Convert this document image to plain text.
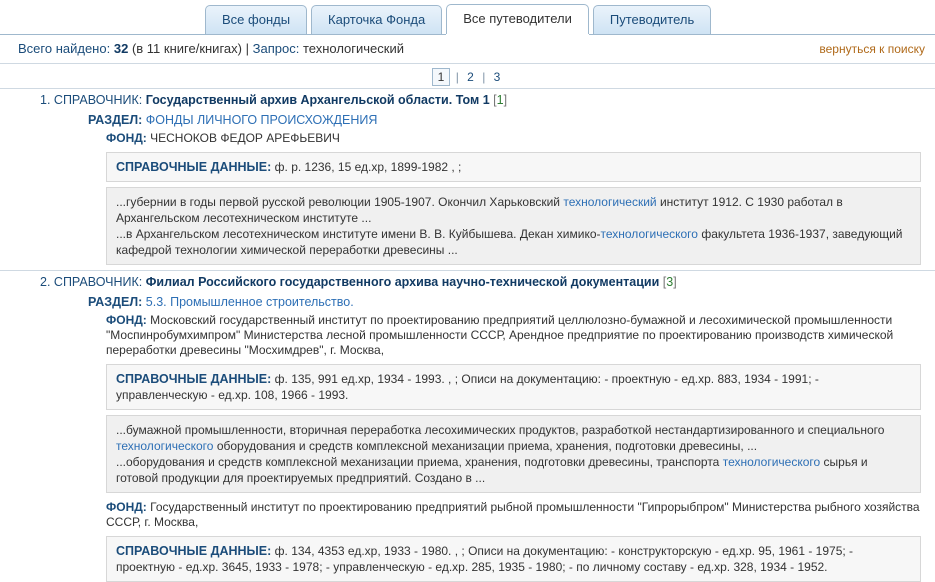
Все фонды	Карточка Фонда	Все путеводители	Путеводитель
Всего найдено: 32 (в 11 книге/книгах) | Запрос: технологический	вернуться к поиску
1 | 2 | 3
1. СПРАВОЧНИК: Государственный архив Архангельской области. Том 1 [1]
РАЗДЕЛ: ФОНДЫ ЛИЧНОГО ПРОИСХОЖДЕНИЯ
ФОНД: ЧЕСНОКОВ ФЕДОР АРЕФЬЕВИЧ
СПРАВОЧНЫЕ ДАННЫЕ: ф. р. 1236, 15 ед.хр, 1899-1982 , ;

...губернии в годы первой русской революции 1905-1907. Окончил Харьковский технологический институт 1912. С 1930 работал в Архангельском лесотехническом институте ...

...в Архангельском лесотехническом институте имени В. В. Куйбышева. Декан химико-технологического факультета 1936-1937, заведующий кафедрой технологии химической переработки древесины ...

2. СПРАВОЧНИК: Филиал Российского государственного архива научно-технической документации [3]
РАЗДЕЛ: 5.3. Промышленное строительство.
ФОНД: Московский государственный институт по проектированию предприятий целлюлозно-бумажной и лесохимической промышленности "Моспинробумхимпром" Министерства лесной промышленности СССР, Арендное предприятие по проектированию производств химической переработки древесины "Мосхимдрев", г. Москва,
СПРАВОЧНЫЕ ДАННЫЕ: ф. 135, 991 ед.хр, 1934 - 1993. , ; Описи на документацию: - проектную - ед.хр. 883, 1934 - 1991; - управленческую - ед.хр. 108, 1966 - 1993.

...бумажной промышленности, вторичная переработка лесохимических продуктов, разработкой нестандартизированного и специального технологического оборудования и средств комплексной механизации приема, хранения, подготовки древесины, ...

...оборудования и средств комплексной механизации приема, хранения, подготовки древесины, транспорта технологического сырья и готовой продукции для проектируемых предприятий. Создано в ...

ФОНД: Государственный институт по проектированию предприятий рыбной промышленности "Гипрорыбпром" Министерства рыбного хозяйства СССР, г. Москва,
СПРАВОЧНЫЕ ДАННЫЕ: ф. 134, 4353 ед.хр, 1933 - 1980. , ; Описи на документацию: - конструкторскую - ед.хр. 95, 1961 - 1975; - проектную - ед.хр. 3645, 1933 - 1978; - управленческую - ед.хр. 285, 1935 - 1980; - по личному составу - ед.хр. 328, 1934 - 1952.
